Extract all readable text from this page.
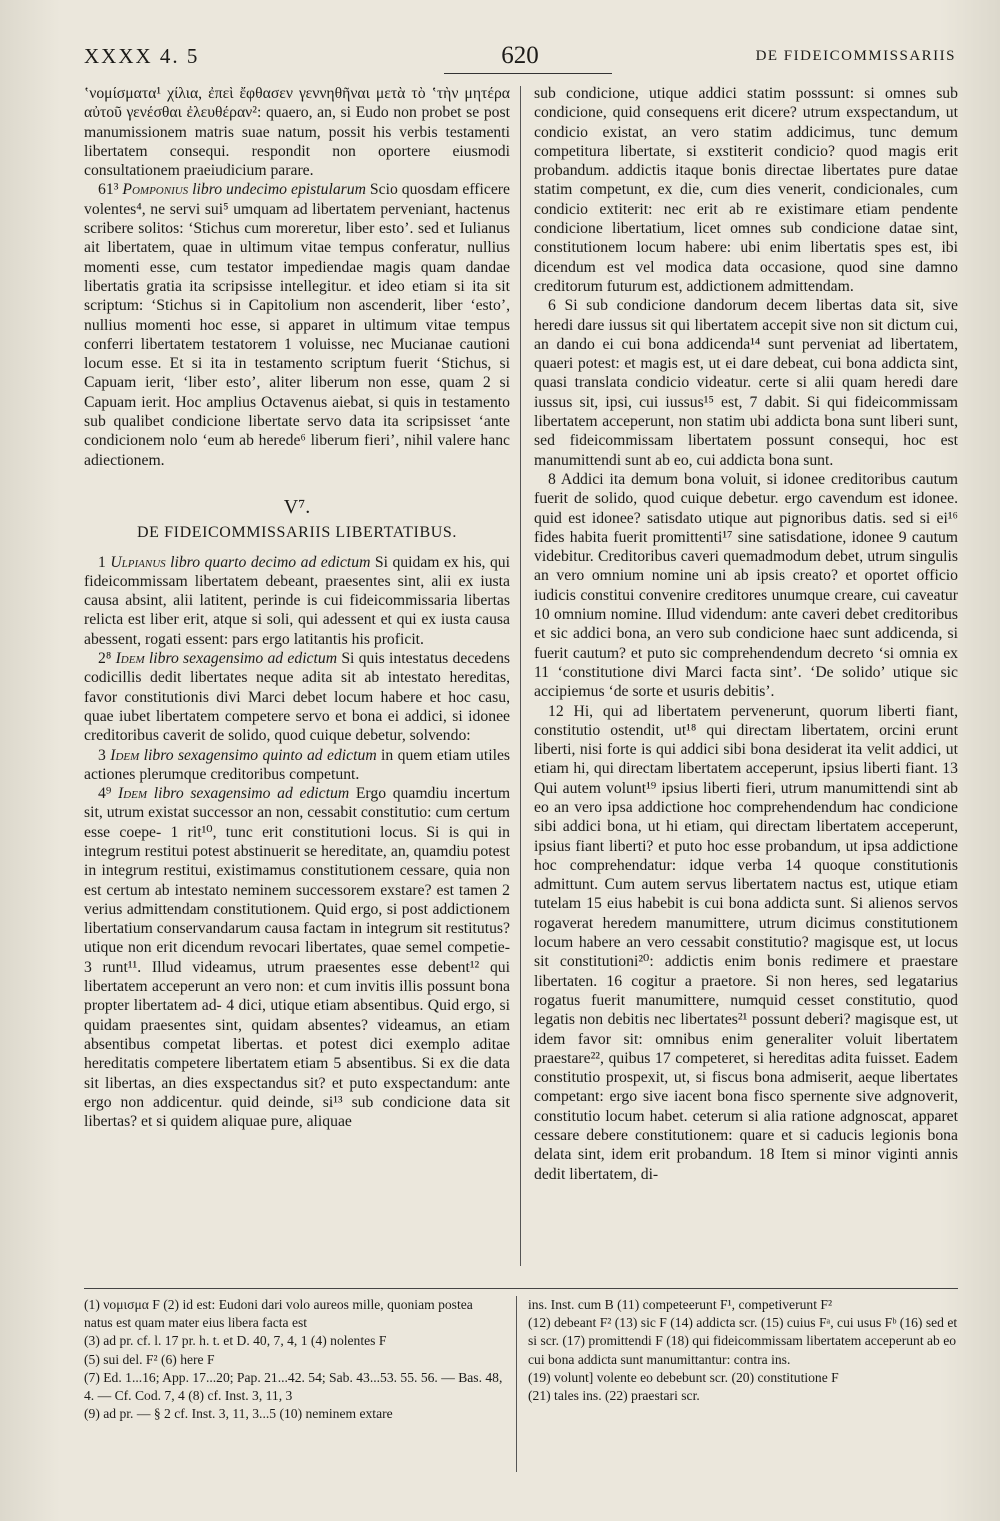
XXXX 4. 5	620	DE FIDEICOMMISSARIIS

ʽνομίσματα¹ χίλια, ἐπεὶ ἔφθασεν γεννηθῆναι μετὰ τὸ ʽτὴν μητέρα αὐτοῦ γενέσθαι ἐλευθέραν²: quaero, an, si Eudo non probet se post manumissionem matris suae natum, possit his verbis testamenti libertatem consequi. respondit non oportere eiusmodi consultationem praeiudicium parare.

61³ Pomponius libro undecimo epistularum Scio quosdam efficere volentes⁴, ne servi sui⁵ umquam ad libertatem perveniant, hactenus scribere solitos: ‘Stichus cum moreretur, liber esto’. sed et Iulianus ait libertatem, quae in ultimum vitae tempus conferatur, nullius momenti esse, cum testator impediendae magis quam dandae libertatis gratia ita scripsisse intellegitur. et ideo etiam si ita sit scriptum: ‘Stichus si in Capitolium non ascenderit, liber ‘esto’, nullius momenti hoc esse, si apparet in ultimum vitae tempus conferri libertatem testatorem 1 voluisse, nec Mucianae cautioni locum esse. Et si ita in testamento scriptum fuerit ‘Stichus, si Capuam ierit, ‘liber esto’, aliter liberum non esse, quam 2 si Capuam ierit. Hoc amplius Octavenus aiebat, si quis in testamento sub qualibet condicione libertate servo data ita scripsisset ‘ante condicionem nolo ‘eum ab herede⁶ liberum fieri’, nihil valere hanc adiectionem.

V⁷.
DE FIDEICOMMISSARIIS LIBERTATIBUS.

1 Ulpianus libro quarto decimo ad edictum Si quidam ex his, qui fideicommissam libertatem debeant, praesentes sint, alii ex iusta causa absint, alii latitent, perinde is cui fideicommissaria libertas relicta est liber erit, atque si soli, qui adessent et qui ex iusta causa abessent, rogati essent: pars ergo latitantis his proficit.

2⁸ Idem libro sexagensimo ad edictum Si quis intestatus decedens codicillis dedit libertates neque adita sit ab intestato hereditas, favor constitutionis divi Marci debet locum habere et hoc casu, quae iubet libertatem competere servo et bona ei addici, si idonee creditoribus caverit de solido, quod cuique debetur, solvendo:

3 Idem libro sexagensimo quinto ad edictum in quem etiam utiles actiones plerumque creditoribus competunt.

4⁹ Idem libro sexagensimo ad edictum Ergo quamdiu incertum sit, utrum existat successor an non, cessabit constitutio: cum certum esse coepe- 1 rit¹⁰, tunc erit constitutioni locus. Si is qui in integrum restitui potest abstinuerit se hereditate, an, quamdiu potest in integrum restitui, existimamus constitutionem cessare, quia non est certum ab intestato neminem successorem exstare? est tamen 2 verius admittendam constitutionem. Quid ergo, si post addictionem libertatium conservandarum causa factam in integrum sit restitutus? utique non erit dicendum revocari libertates, quae semel competie- 3 runt¹¹. Illud videamus, utrum praesentes esse debent¹² qui libertatem acceperunt an vero non: et cum invitis illis possunt bona propter libertatem ad- 4 dici, utique etiam absentibus. Quid ergo, si quidam praesentes sint, quidam absentes? videamus, an etiam absentibus competat libertas. et potest dici exemplo aditae hereditatis competere libertatem etiam 5 absentibus. Si ex die data sit libertas, an dies exspectandus sit? et puto exspectandum: ante ergo non addicentur. quid deinde, si¹³ sub condicione data sit libertas? et si quidem aliquae pure, aliquae

sub condicione, utique addici statim posssunt: si omnes sub condicione, quid consequens erit dicere? utrum exspectandum, ut condicio existat, an vero statim addicimus, tunc demum competitura libertate, si exstiterit condicio? quod magis erit probandum. addictis itaque bonis directae libertates pure datae statim competunt, ex die, cum dies venerit, condicionales, cum condicio extiterit: nec erit ab re existimare etiam pendente condicione libertatium, licet omnes sub condicione datae sint, constitutionem locum habere: ubi enim libertatis spes est, ibi dicendum est vel modica data occasione, quod sine damno creditorum futurum est, addictionem admittendam.

6 Si sub condicione dandorum decem libertas data sit, sive heredi dare iussus sit qui libertatem accepit sive non sit dictum cui, an dando ei cui bona addicenda¹⁴ sunt perveniat ad libertatem, quaeri potest: et magis est, ut ei dare debeat, cui bona addicta sint, quasi translata condicio videatur. certe si alii quam heredi dare iussus sit, ipsi, cui iussus¹⁵ est, 7 dabit. Si qui fideicommissam libertatem acceperunt, non statim ubi addicta bona sunt liberi sunt, sed fideicommissam libertatem possunt consequi, hoc est manumittendi sunt ab eo, cui addicta bona sunt.

8 Addici ita demum bona voluit, si idonee creditoribus cautum fuerit de solido, quod cuique debetur. ergo cavendum est idonee. quid est idonee? satisdato utique aut pignoribus datis. sed si ei¹⁶ fides habita fuerit promittenti¹⁷ sine satisdatione, idonee 9 cautum videbitur. Creditoribus caveri quemadmodum debet, utrum singulis an vero omnium nomine uni ab ipsis creato? et oportet officio iudicis constitui convenire creditores unumque creare, cui caveatur 10 omnium nomine. Illud videndum: ante caveri debet creditoribus et sic addici bona, an vero sub condicione haec sunt addicenda, si fuerit cautum? et puto sic comprehendendum decreto ‘si omnia ex 11 ‘constitutione divi Marci facta sint’. ‘De solido’ utique sic accipiemus ‘de sorte et usuris debitis’.

12 Hi, qui ad libertatem pervenerunt, quorum liberti fiant, constitutio ostendit, ut¹⁸ qui directam libertatem, orcini erunt liberti, nisi forte is qui addici sibi bona desiderat ita velit addici, ut etiam hi, qui directam libertatem acceperunt, ipsius liberti fiant. 13 Qui autem volunt¹⁹ ipsius liberti fieri, utrum manumittendi sint ab eo an vero ipsa addictione hoc comprehendendum hac condicione sibi addici bona, ut hi etiam, qui directam libertatem acceperunt, ipsius fiant liberti? et puto hoc esse probandum, ut ipsa addictione hoc comprehendatur: idque verba 14 quoque constitutionis admittunt. Cum autem servus libertatem nactus est, utique etiam tutelam 15 eius habebit is cui bona addicta sunt. Si alienos servos rogaverat heredem manumittere, utrum dicimus constitutionem locum habere an vero cessabit constitutio? magisque est, ut locus sit constitutioni²⁰: addictis enim bonis redimere et praestare libertaten. 16 cogitur a praetore. Si non heres, sed legatarius rogatus fuerit manumittere, numquid cesset constitutio, quod legatis non debitis nec libertates²¹ possunt deberi? magisque est, ut idem favor sit: omnibus enim generaliter voluit libertatem praestare²², quibus 17 competeret, si hereditas adita fuisset. Eadem constitutio prospexit, ut, si fiscus bona admiserit, aeque libertates competant: ergo sive iacent bona fisco spernente sive adgnoverit, constitutio locum habet. ceterum si alia ratione adgnoscat, apparet cessare debere constitutionem: quare et si caducis legionis bona delata sint, idem erit probandum. 18 Item si minor viginti annis dedit libertatem, di-

(1) νομισμα F (2) id est: Eudoni dari volo aureos mille, quoniam postea natus est quam mater eius libera facta est
(3) ad pr. cf. l. 17 pr. h. t. et D. 40, 7, 4, 1 (4) nolentes F
(5) sui del. F² (6) here F
(7) Ed. 1...16; App. 17...20; Pap. 21...42. 54; Sab. 43...53. 55. 56. — Bas. 48, 4. — Cf. Cod. 7, 4 (8) cf. Inst. 3, 11, 3
(9) ad pr. — § 2 cf. Inst. 3, 11, 3...5 (10) neminem extare
ins. Inst. cum B (11) competeerunt F¹, competiverunt F²
(12) debeant F² (13) sic F (14) addicta scr. (15) cuius Fᵃ, cui usus Fᵇ (16) sed et si scr. (17) promittendi F (18) qui fideicommissam libertatem acceperunt ab eo cui bona addicta sunt manumittantur: contra ins.
(19) volunt] volente eo debebunt scr. (20) constitutione F
(21) tales ins. (22) praestari scr.
